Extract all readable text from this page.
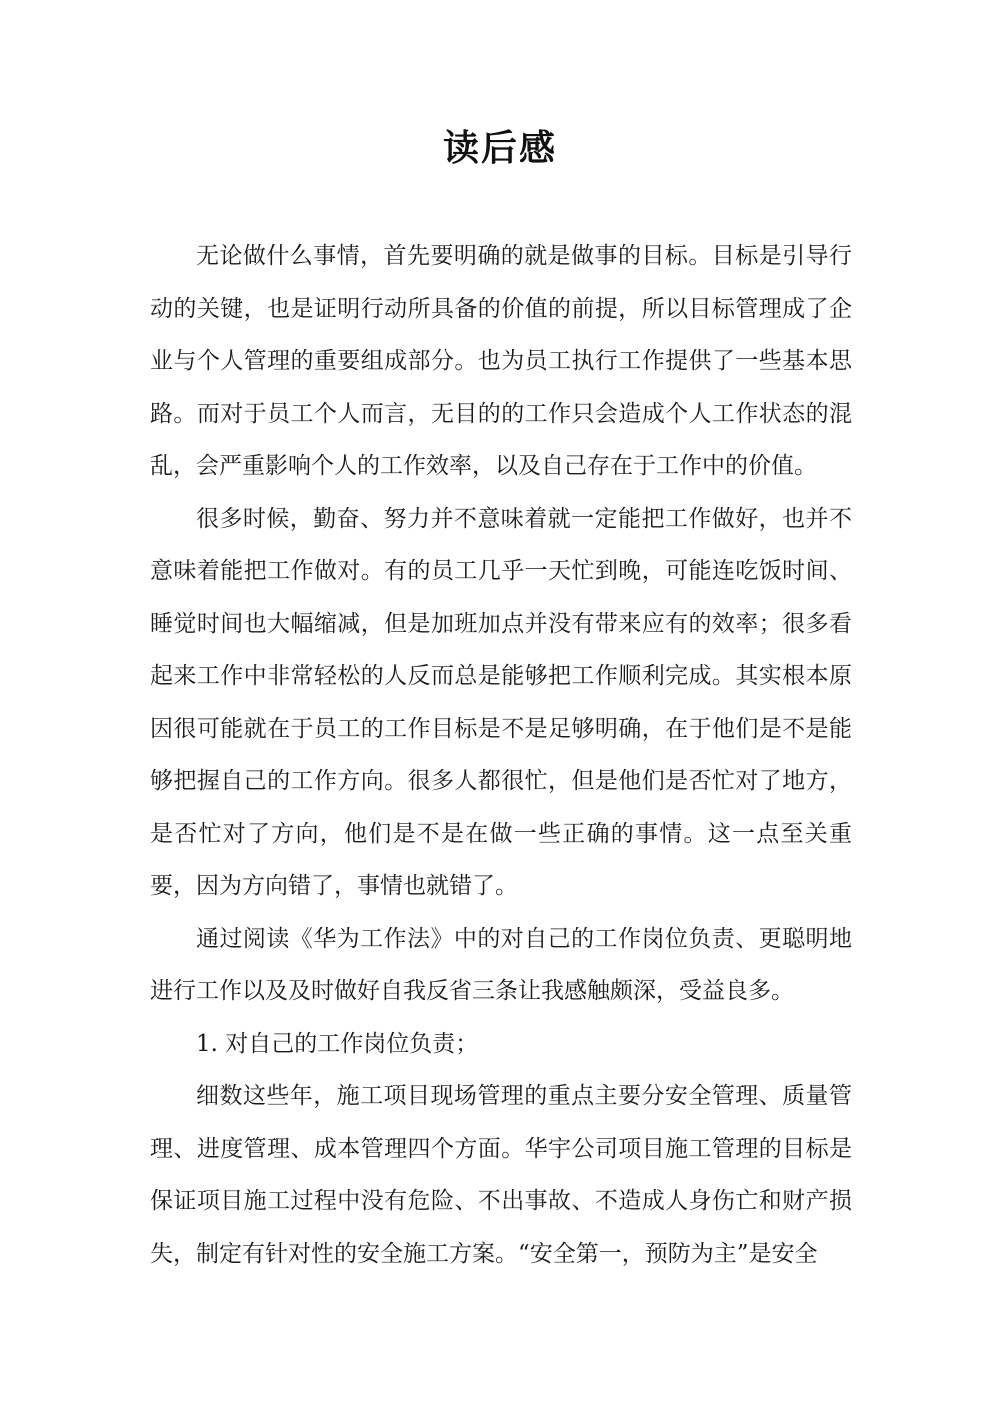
读后感

无论做什么事情，首先要明确的就是做事的目标。目标是引导行动的关键，也是证明行动所具备的价值的前提，所以目标管理成了企业与个人管理的重要组成部分。也为员工执行工作提供了一些基本思路。而对于员工个人而言，无目的的工作只会造成个人工作状态的混乱，会严重影响个人的工作效率，以及自己存在于工作中的价值。

很多时候，勤奋、努力并不意味着就一定能把工作做好，也并不意味着能把工作做对。有的员工几乎一天忙到晚，可能连吃饭时间、睡觉时间也大幅缩减，但是加班加点并没有带来应有的效率；很多看起来工作中非常轻松的人反而总是能够把工作顺利完成。其实根本原因很可能就在于员工的工作目标是不是足够明确，在于他们是不是能够把握自己的工作方向。很多人都很忙，但是他们是否忙对了地方，是否忙对了方向，他们是不是在做一些正确的事情。这一点至关重要，因为方向错了，事情也就错了。

通过阅读《华为工作法》中的对自己的工作岗位负责、更聪明地进行工作以及及时做好自我反省三条让我感触颇深，受益良多。

1. 对自己的工作岗位负责；

细数这些年，施工项目现场管理的重点主要分安全管理、质量管理、进度管理、成本管理四个方面。华宇公司项目施工管理的目标是保证项目施工过程中没有危险、不出事故、不造成人身伤亡和财产损失，制定有针对性的安全施工方案。“安全第一，预防为主”是安全
